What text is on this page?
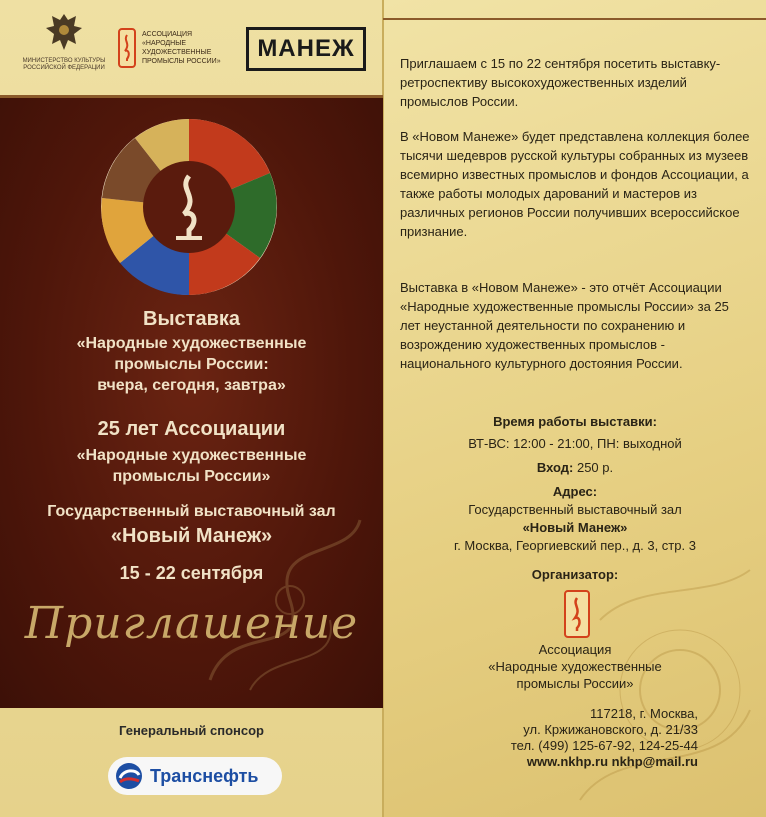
МИНИСТЕРСТВО КУЛЬТУРЫ РОССИЙСКОЙ ФЕДЕРАЦИИ
АССОЦИАЦИЯ «НАРОДНЫЕ ХУДОЖЕСТВЕННЫЕ ПРОМЫСЛЫ РОССИИ»	МАНЕЖ
Выставка
«Народные художественные
промыслы России:
вчера, сегодня, завтра»
25 лет Ассоциации
«Народные художественные
промыслы России»
Государственный выставочный зал
«Новый Манеж»
15 - 22 сентября
Приглашение
Генеральный спонсор
Транснефть
Приглашаем с 15 по 22 сентября посетить выставку-ретроспективу высокохудожественных изделий промыслов России.
В «Новом Манеже» будет представлена коллекция более тысячи шедевров русской культуры собранных из музеев всемирно известных промыслов и фондов Ассоциации, а также работы молодых дарований и мастеров из различных регионов России получивших всероссийское признание.
Выставка в «Новом Манеже» - это отчёт Ассоциации «Народные художественные промыслы России» за 25 лет неустанной деятельности по сохранению и возрождению художественных промыслов - национального культурного достояния России.
Время работы выставки:
ВТ-ВС: 12:00 - 21:00, ПН: выходной
Вход: 250 р.
Адрес:
Государственный выставочный зал
«Новый Манеж»
г. Москва, Георгиевский пер., д. 3, стр. 3
Организатор:
Ассоциация
«Народные художественные
промыслы России»
117218, г. Москва,
ул. Кржижановского, д. 21/33
тел. (499) 125-67-92, 124-25-44
www.nkhp.ru nkhp@mail.ru
